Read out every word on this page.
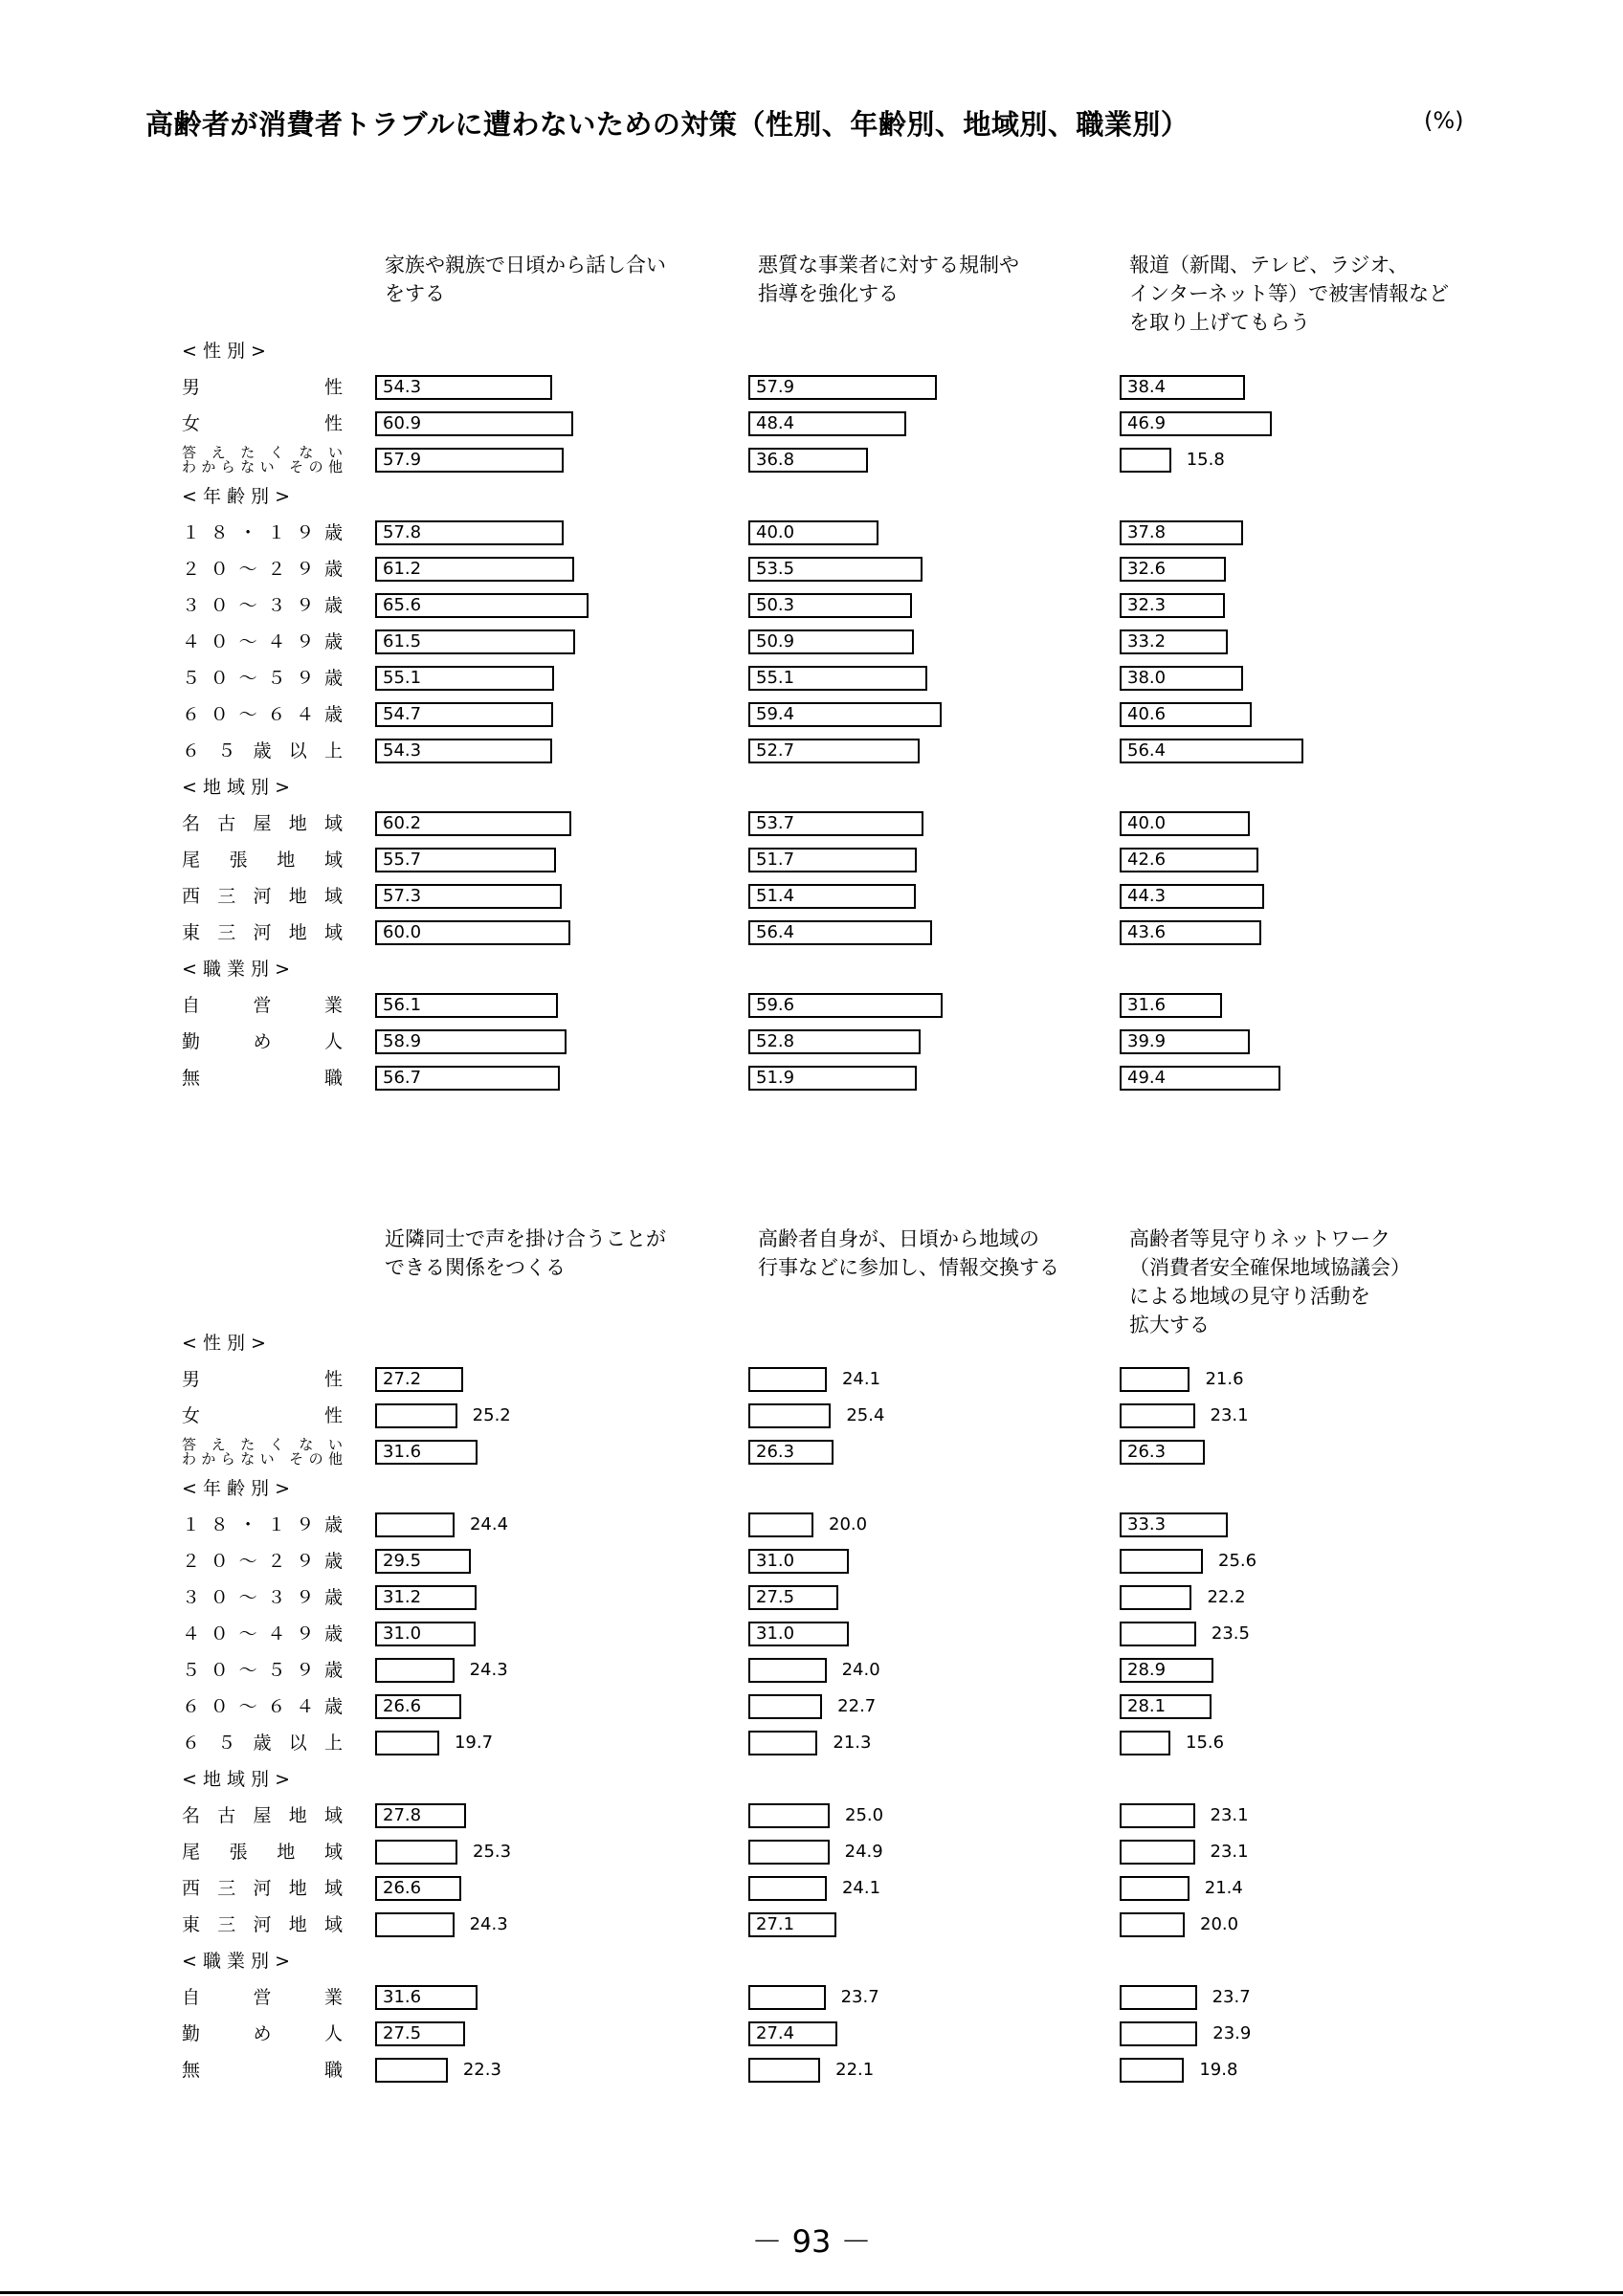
高齢者が消費者トラブルに遭わないための対策（性別、年齢別、地域別、職業別）	(%)
家族や親族で日頃から話し合い
をする
悪質な事業者に対する規制や
指導を強化する
報道（新聞、テレビ、ラジオ、
インターネット等）で被害情報など
を取り上げてもらう
< 性 別 >
男	性 54.3	57.9	38.4
女	性 60.9	48.4	46.9
答えたくない
わからない その他 57.9	36.8	15.8
< 年 齢 別 >
１ ８ ・ １ ９ 歳 57.8	40.0	37.8
２ ０ ～ ２ ９ 歳 61.2	53.5	32.6
３ ０ ～ ３ ９ 歳 65.6	50.3	32.3
４ ０ ～ ４ ９ 歳 61.5	50.9	33.2
５ ０ ～ ５ ９ 歳 55.1	55.1	38.0
６ ０ ～ ６ ４ 歳 54.7	59.4	40.6
６ ５ 歳 以 上 54.3	52.7	56.4
< 地 域 別 >
名 古 屋 地 域 60.2	53.7	40.0
尾 張 地 域 55.7	51.7	42.6
西 三 河 地 域 57.3	51.4	44.3
東 三 河 地 域 60.0	56.4	43.6
< 職 業 別 >
自	営	業 56.1	59.6	31.6
勤	め	人 58.9	52.8	39.9
無	職 56.7	51.9	49.4
近隣同士で声を掛け合うことが
できる関係をつくる
高齢者自身が、日頃から地域の
行事などに参加し、情報交換する
高齢者等見守りネットワーク
（消費者安全確保地域協議会）
による地域の見守り活動を
拡大する
< 性 別 >
男	性 27.2	24.1	21.6
女	性	25.2	25.4	23.1
答えたくない
わからない その他 31.6	26.3	26.3
< 年 齢 別 >
１ ８ ・ １ ９ 歳	24.4	20.0	33.3
２ ０ ～ ２ ９ 歳 29.5	31.0	25.6
３ ０ ～ ３ ９ 歳 31.2	27.5	22.2
４ ０ ～ ４ ９ 歳 31.0	31.0	23.5
５ ０ ～ ５ ９ 歳	24.3	24.0	28.9
６ ０ ～ ６ ４ 歳 26.6	22.7	28.1
６ ５ 歳 以 上	19.7	21.3	15.6
< 地 域 別 >
名 古 屋 地 域 27.8	25.0	23.1
尾 張 地 域	25.3	24.9	23.1
西 三 河 地 域 26.6	24.1	21.4
東 三 河 地 域	24.3	27.1	20.0
< 職 業 別 >
自	営	業 31.6	23.7	23.7
勤	め	人 27.5	27.4	23.9
無	職	22.3	22.1	19.8
－ 93 －
